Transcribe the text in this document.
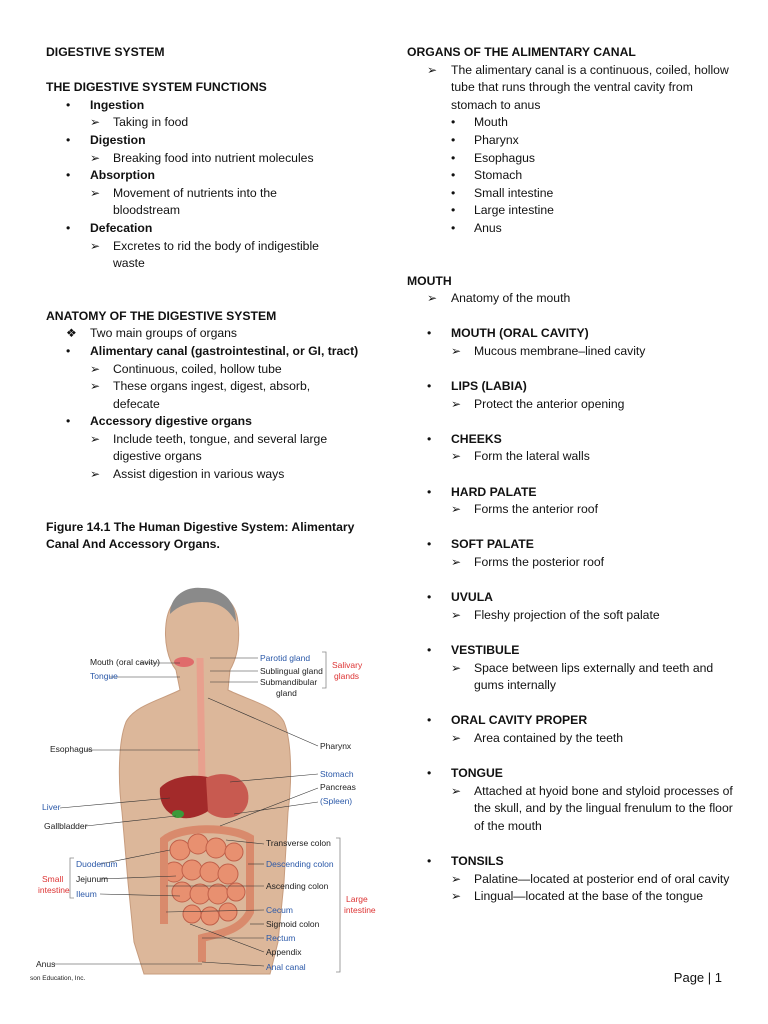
DIGESTIVE SYSTEM
THE DIGESTIVE SYSTEM FUNCTIONS
• Ingestion
➢ Taking in food
• Digestion
➢ Breaking food into nutrient molecules
• Absorption
➢ Movement of nutrients into the bloodstream
• Defecation
➢ Excretes to rid the body of indigestible waste
ANATOMY OF THE DIGESTIVE SYSTEM
❖ Two main groups of organs
• Alimentary canal (gastrointestinal, or GI, tract)
➢ Continuous, coiled, hollow tube
➢ These organs ingest, digest, absorb, defecate
• Accessory digestive organs
➢ Include teeth, tongue, and several large digestive organs
➢ Assist digestion in various ways
Figure 14.1 The Human Digestive System: Alimentary Canal And Accessory Organs.
Mouth (oral cavity)
Tongue
Parotid gland
Sublingual gland
Submandibular
gland
Salivary
glands
Esophagus	Pharynx
Stomach
Pancreas
(Spleen)
Liver
Gallbladder
Transverse colon
Duodenum	Descending colon
Small
intestine
Jejunum
Ascending colon
Ileum	Large
intestine
Cecum
Sigmoid colon
Rectum
Appendix
Anus	Anal canal
son Education, Inc.
ORGANS OF THE ALIMENTARY CANAL
➢ The alimentary canal is a continuous, coiled, hollow tube that runs through the ventral cavity from stomach to anus
• Mouth
• Pharynx
• Esophagus
• Stomach
• Small intestine
• Large intestine
• Anus
MOUTH
➢ Anatomy of the mouth
• MOUTH (ORAL CAVITY)
➢ Mucous membrane–lined cavity
• LIPS (LABIA)
➢ Protect the anterior opening
• CHEEKS
➢ Form the lateral walls
• HARD PALATE
➢ Forms the anterior roof
• SOFT PALATE
➢ Forms the posterior roof
• UVULA
➢ Fleshy projection of the soft palate
• VESTIBULE
➢ Space between lips externally and teeth and gums internally
• ORAL CAVITY PROPER
➢ Area contained by the teeth
• TONGUE
➢ Attached at hyoid bone and styloid processes of the skull, and by the lingual frenulum to the floor of the mouth
• TONSILS
➢ Palatine—located at posterior end of oral cavity
➢ Lingual—located at the base of the tongue
Page | 1
